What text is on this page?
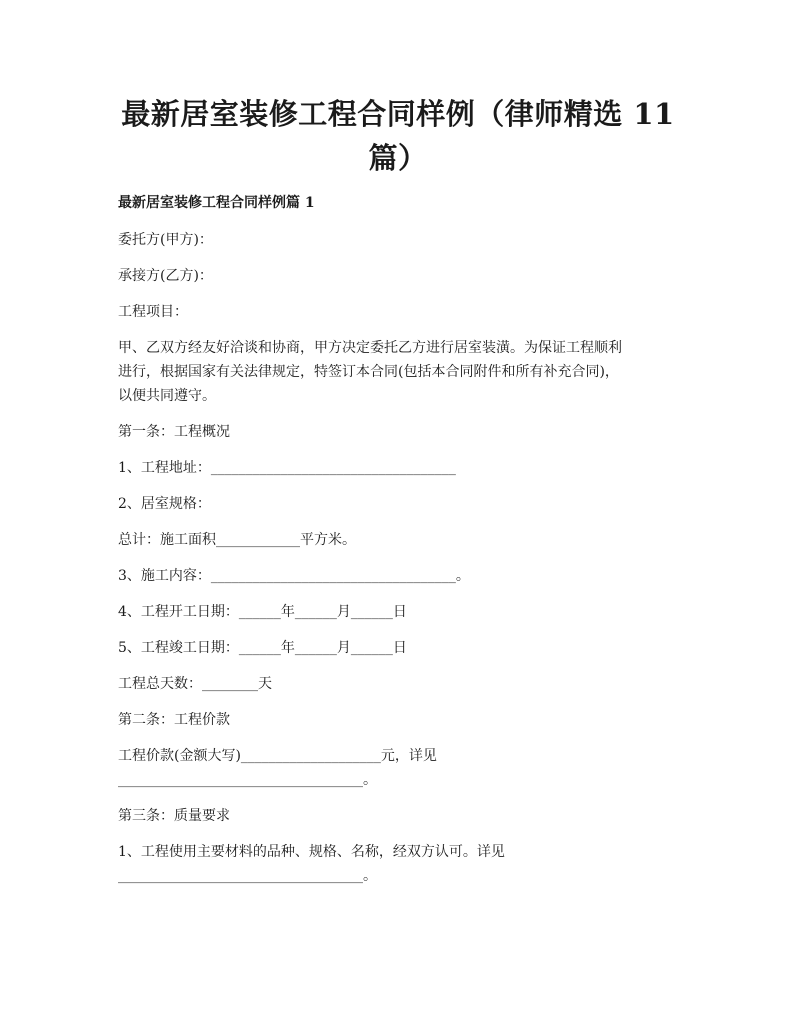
最新居室装修工程合同样例（律师精选 11
篇）

最新居室装修工程合同样例篇 1

委托方(甲方)：

承接方(乙方)：

工程项目：

甲、乙双方经友好洽谈和协商，甲方决定委托乙方进行居室装潢。为保证工程顺利

进行，根据国家有关法律规定，特签订本合同(包括本合同附件和所有补充合同)，

以便共同遵守。

第一条：工程概况

1、工程地址：___________________________________

2、居室规格：

总计：施工面积____________平方米。

3、施工内容：___________________________________。

4、工程开工日期：______年______月______日

5、工程竣工日期：______年______月______日

工程总天数：________天

第二条：工程价款

工程价款(金额大写)____________________元，详见

___________________________________。

第三条：质量要求

1、工程使用主要材料的品种、规格、名称，经双方认可。详见

___________________________________。
